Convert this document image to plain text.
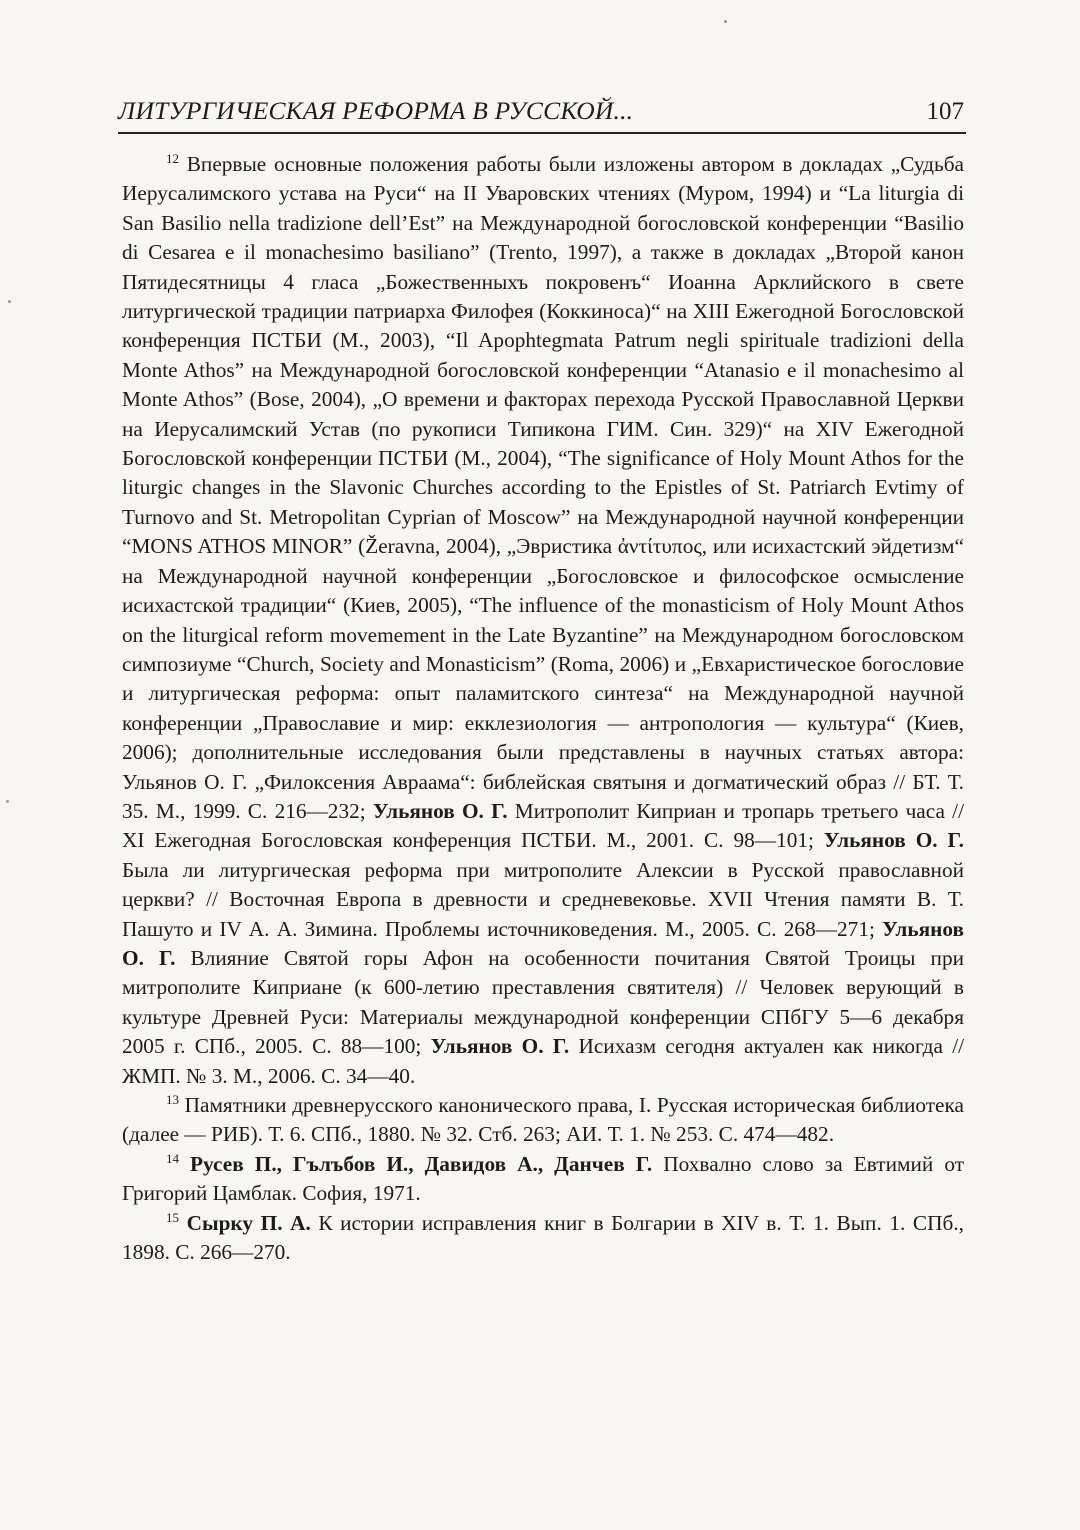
ЛИТУРГИЧЕСКАЯ РЕФОРМА В РУССКОЙ...	107

$^{12}$ Впервые основные положения работы были изложены автором в докладах „Судьба Иерусалимского устава на Руси“ на II Уваровских чтениях (Муром, 1994) и “La liturgia di San Basilio nella tradizione dell’Est” на Международной богословской конференции “Basilio di Cesarea e il monachesimo basiliano” (Trento, 1997), а также в докладах „Второй канон Пятидесятницы 4 гласа „Божественныхъ покровенъ“ Иоанна Арклийского в свете литургической традиции патриарха Филофея (Коккиноса)“ на XIII Ежегодной Богословской конференция ПСТБИ (М., 2003), “Il Apophtegmata Patrum negli spirituale tradizioni della Monte Athos” на Международной богословской конференции “Atanasio e il monachesimo al Monte Athos” (Bose, 2004), „О времени и факторах перехода Русской Православной Церкви на Иерусалимский Устав (по рукописи Типикона ГИМ. Син. 329)“ на XIV Ежегодной Богословской конференции ПСТБИ (М., 2004), “The significance of Holy Mount Athos for the liturgic changes in the Slavonic Churches according to the Epistles of St. Patriarch Evtimy of Turnovo and St. Metropolitan Cyprian of Moscow” на Международной научной конференции “MONS ATHOS MINOR” (Žeravna, 2004), „Эвристика ἀντίτυπος, или исихастский эйдетизм“ на Международной научной конференции „Богословское и философское осмысление исихастской традиции“ (Киев, 2005), “The influence of the monasticism of Holy Mount Athos on the liturgical reform movemement in the Late Byzantine” на Международном богословском симпозиуме “Church, Society and Monasticism” (Roma, 2006) и „Евхаристическое богословие и литургическая реформа: опыт паламитского синтеза“ на Международной научной конференции „Православие и мир: екклезиология — антропология — культура“ (Киев, 2006); дополнительные исследования были представлены в научных статьях автора: Ульянов О. Г. „Филоксения Авраама“: библейская святыня и догматический образ // БТ. Т. 35. М., 1999. С. 216—232; Ульянов О. Г. Митрополит Киприан и тропарь третьего часа // XI Ежегодная Богословская конференция ПСТБИ. М., 2001. С. 98—101; Ульянов О. Г. Была ли литургическая реформа при митрополите Алексии в Русской православной церкви? // Восточная Европа в древности и средневековье. XVII Чтения памяти В. Т. Пашуто и IV А. А. Зимина. Проблемы источниковедения. М., 2005. С. 268—271; Ульянов О. Г. Влияние Святой горы Афон на особенности почитания Святой Троицы при митрополите Киприане (к 600-летию преставления святителя) // Человек верующий в культуре Древней Руси: Материалы международной конференции СПбГУ 5—6 декабря 2005 г. СПб., 2005. С. 88—100; Ульянов О. Г. Исихазм сегодня актуален как никогда // ЖМП. № 3. М., 2006. С. 34—40.

$^{13}$ Памятники древнерусского канонического права, I. Русская историческая библиотека (далее — РИБ). Т. 6. СПб., 1880. № 32. Стб. 263; АИ. Т. 1. № 253. С. 474—482.

$^{14}$ Русев П., Гълъбов И., Давидов А., Данчев Г. Похвално слово за Евтимий от Григорий Цамблак. София, 1971.

$^{15}$ Сырку П. А. К истории исправления книг в Болгарии в XIV в. Т. 1. Вып. 1. СПб., 1898. С. 266—270.
